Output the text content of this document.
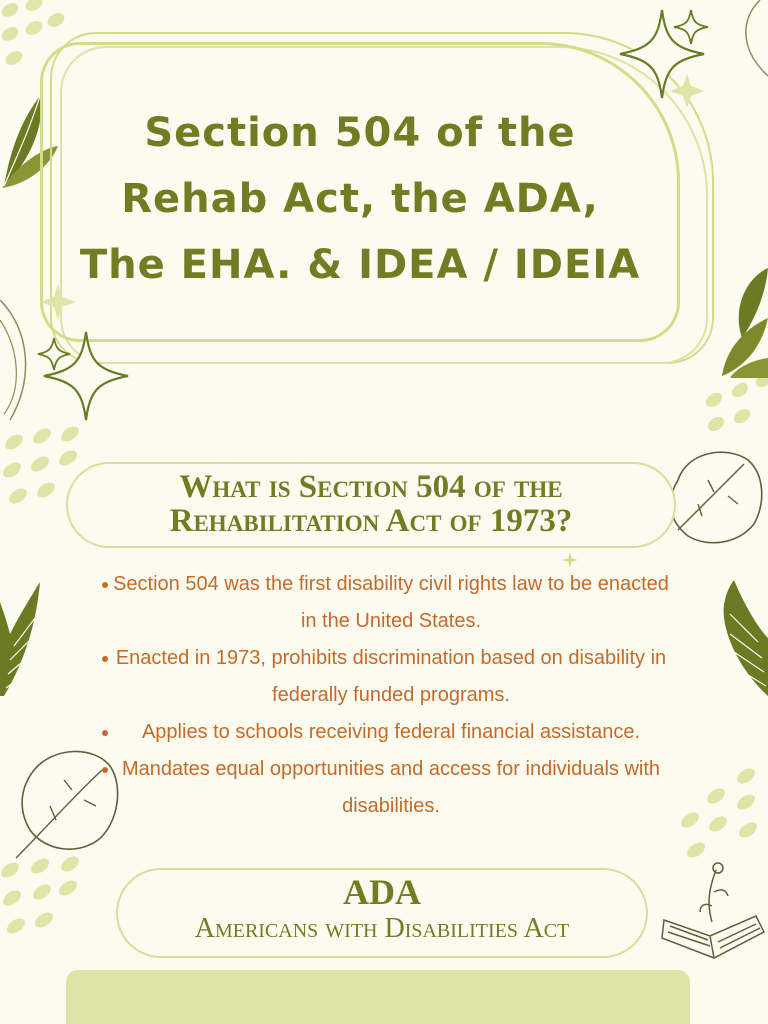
Section 504 of the
Rehab Act, the ADA,
The EHA. & IDEA / IDEIA
What is Section 504 of the
Rehabilitation Act of 1973?
Section 504 was the first disability civil rights law to be enacted in the United States.
Enacted in 1973, prohibits discrimination based on disability in federally funded programs.
Applies to schools receiving federal financial assistance.
Mandates equal opportunities and access for individuals with disabilities.
ADA
Americans with Disabilities Act
